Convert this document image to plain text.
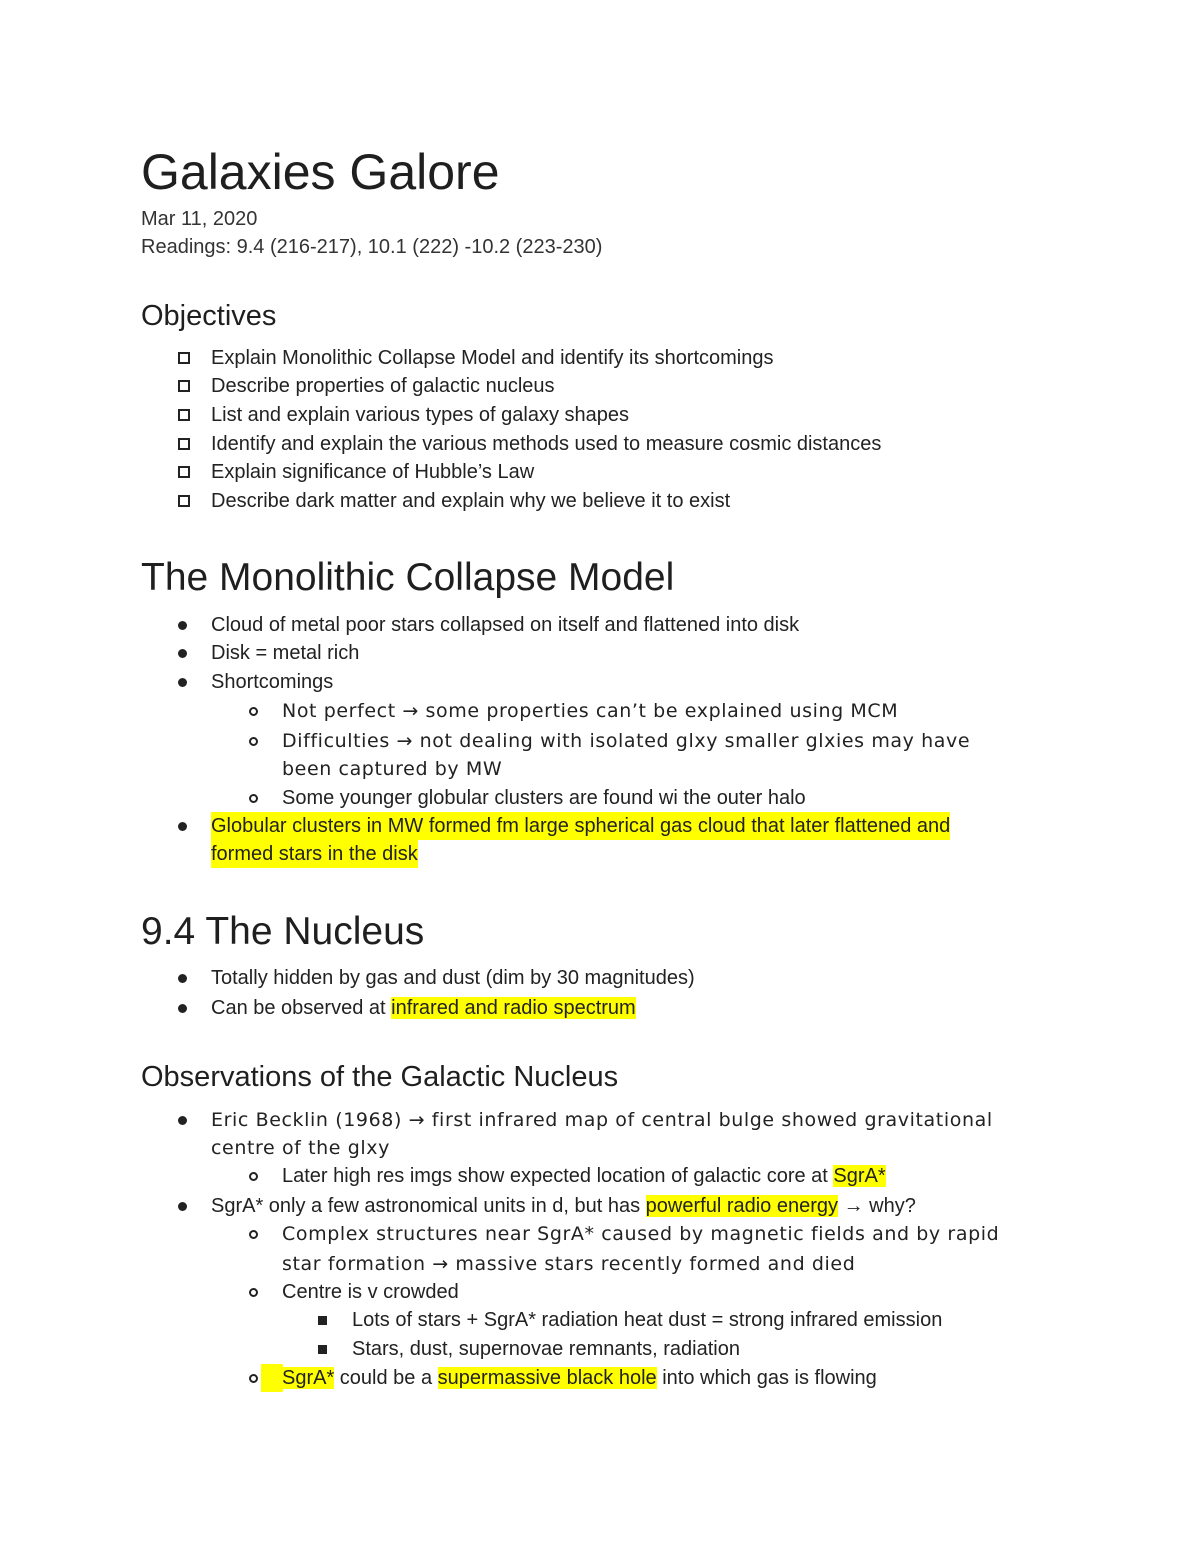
Galaxies Galore
Mar 11, 2020
Readings: 9.4 (216-217), 10.1 (222) -10.2 (223-230)
Objectives
Explain Monolithic Collapse Model and identify its shortcomings
Describe properties of galactic nucleus
List and explain various types of galaxy shapes
Identify and explain the various methods used to measure cosmic distances
Explain significance of Hubble’s Law
Describe dark matter and explain why we believe it to exist
The Monolithic Collapse Model
Cloud of metal poor stars collapsed on itself and flattened into disk
Disk = metal rich
Shortcomings
Not perfect → some properties can’t be explained using MCM
Difficulties → not dealing with isolated glxy smaller glxies may have
been captured by MW
Some younger globular clusters are found wi the outer halo
Globular clusters in MW formed fm large spherical gas cloud that later flattened and
formed stars in the disk
9.4 The Nucleus
Totally hidden by gas and dust (dim by 30 magnitudes)
Can be observed at infrared and radio spectrum
Observations of the Galactic Nucleus
Eric Becklin (1968) → first infrared map of central bulge showed gravitational
centre of the glxy
Later high res imgs show expected location of galactic core at SgrA*
SgrA* only a few astronomical units in d, but has powerful radio energy → why?
Complex structures near SgrA* caused by magnetic fields and by rapid
star formation → massive stars recently formed and died
Centre is v crowded
Lots of stars + SgrA* radiation heat dust = strong infrared emission
Stars, dust, supernovae remnants, radiation
SgrA* could be a supermassive black hole into which gas is flowing
